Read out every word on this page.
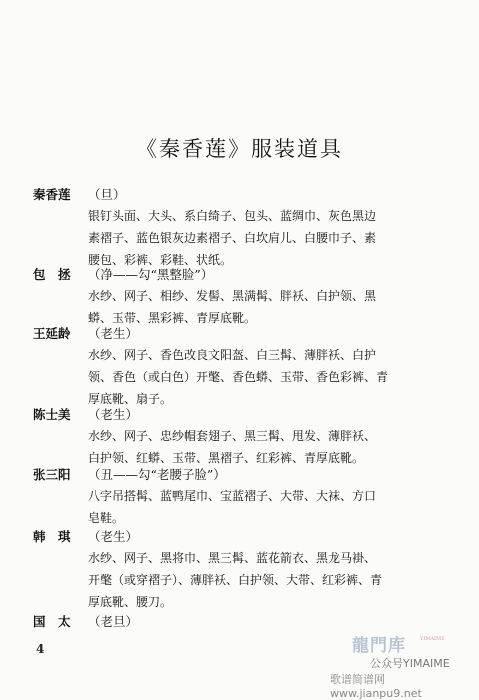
《秦香莲》服装道具
秦香莲	（旦）
银钉头面、大头、系白绮子、包头、蓝绸巾、灰色黑边
素褶子、蓝色银灰边素褶子、白坎肩儿、白腰巾子、素
腰包、彩裤、彩鞋、状纸。
包　拯	（净——勾“黑整脸”）
水纱、网子、相纱、发髻、黑满髯、胖袄、白护领、黑
蟒、玉带、黑彩裤、青厚底靴。
王延龄	（老生）
水纱、网子、香色改良文阳盔、白三髯、薄胖袄、白护
领、香色（或白色）开氅、香色蟒、玉带、香色彩裤、青
厚底靴、扇子。
陈士美	（老生）
水纱、网子、忠纱帽套翅子、黑三髯、甩发、薄胖袄、
白护领、红蟒、玉带、黑褶子、红彩裤、青厚底靴。
张三阳	（丑——勾“老腰子脸”）
八字吊搭髯、蓝鸭尾巾、宝蓝褶子、大带、大袜、方口
皂鞋。
韩　琪	（老生）
水纱、网子、黑将巾、黑三髯、蓝花箭衣、黑龙马褂、
开氅（或穿褶子）、薄胖袄、白护领、大带、红彩裤、青
厚底靴、腰刀。
国　太	（老旦）
4	龍門库	YIMAIME
公众号YIMAIME
歌谱简谱网 www.jianpu9.net
